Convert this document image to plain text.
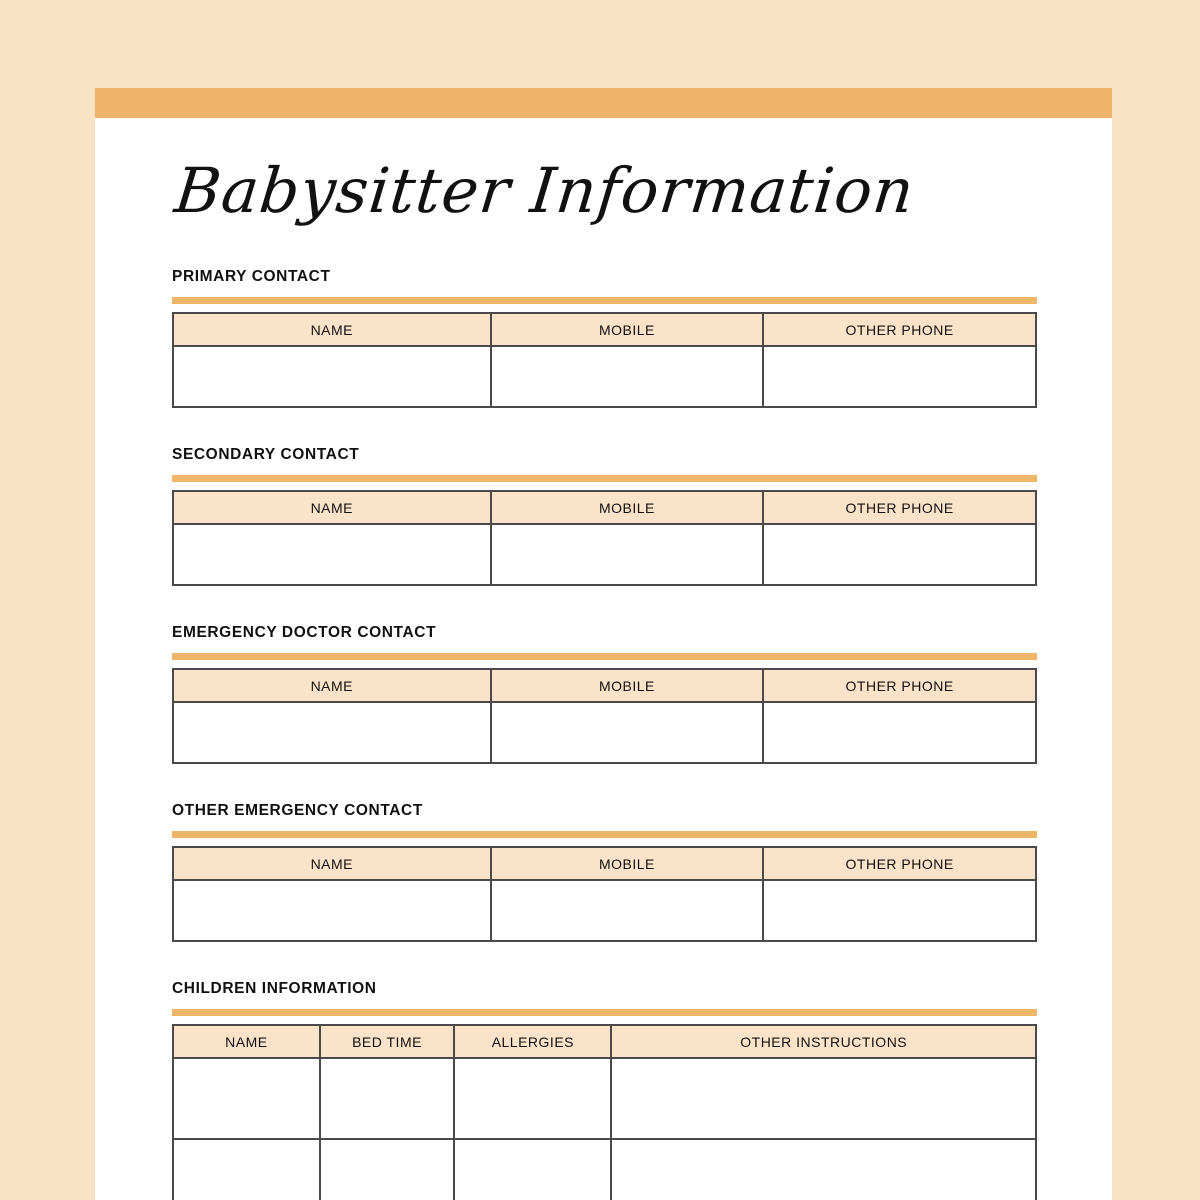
Babysitter Information
PRIMARY CONTACT
NAME	MOBILE	OTHER PHONE

SECONDARY CONTACT
NAME	MOBILE	OTHER PHONE

EMERGENCY DOCTOR CONTACT
NAME	MOBILE	OTHER PHONE

OTHER EMERGENCY CONTACT
NAME	MOBILE	OTHER PHONE

CHILDREN INFORMATION
NAME	BED TIME	ALLERGIES	OTHER INSTRUCTIONS
